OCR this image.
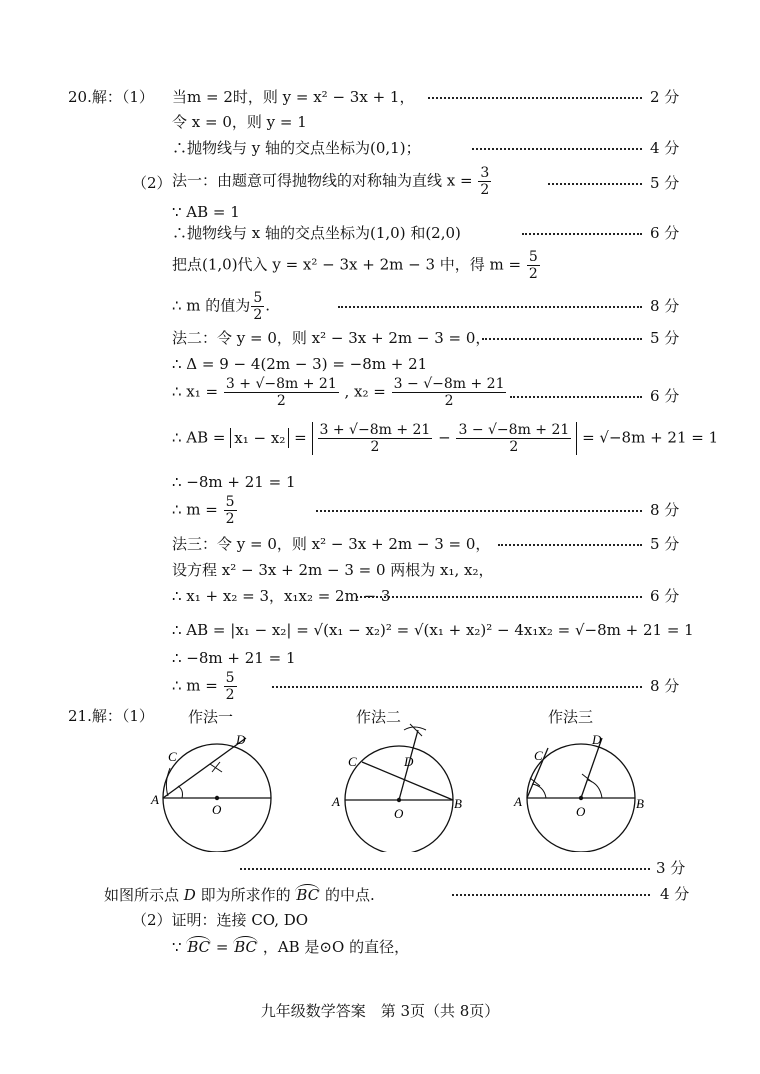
20.解：（1） 当m = 2时，则 y = x² − 3x + 1，	2 分
令 x = 0，则 y = 1
∴抛物线与 y 轴的交点坐标为(0,1)；	4 分
（2） 法一：由题意可得抛物线的对称轴为直线 $x = \frac{3}{2}$	5 分
∵ AB = 1
∴抛物线与 x 轴的交点坐标为(1,0) 和(2,0)	6 分
把点(1,0)代入 y = x² − 3x + 2m − 3 中，得 $m = \frac{5}{2}$
∴ m 的值为 $\frac{5}{2}$ .	8 分
法二：令 y = 0，则 x² − 3x + 2m − 3 = 0，	5 分
∴ Δ = 9 − 4(2m − 3) = −8m + 21
∴ $x_1 = \frac{3 + √-8m + 21}{2}$ , $x_2 = \frac{3 - √-8m + 21}{2}$	6 分
∴ AB = $x_1 - x_2 = \frac{3 + √-8m + 21}{2} - \frac{3 - √-8m + 21}{2} = √-8m + 21 = 1$
∴ −8m + 21 = 1
∴ $m = \frac{5}{2}$	8 分
法三：令 y = 0，则 x² − 3x + 2m − 3 = 0，	5 分
设方程 x² − 3x + 2m − 3 = 0 两根为 x₁, x₂，
∴ x₁ + x₂ = 3，x₁x₂ = 2m − 3	6 分
∴ AB = |x₁ − x₂| = √(x₁ − x₂)² = √(x₁ + x₂)² − 4x₁x₂ = √−8m + 21 = 1
∴ −8m + 21 = 1
∴ $m = \frac{5}{2}$	8 分
21.解：（1） 作法一	作法二	作法三
A
C
D
O
A	B
C	D
O
A	B
C
D
O
3 分
如图所示点 D 即为所求作的 BC 的中点.	4 分
（2）证明：连接 CO, DO
∵ BC = BC ，AB 是⊙O 的直径，
九年级数学答案　第 3页（共 8页）
